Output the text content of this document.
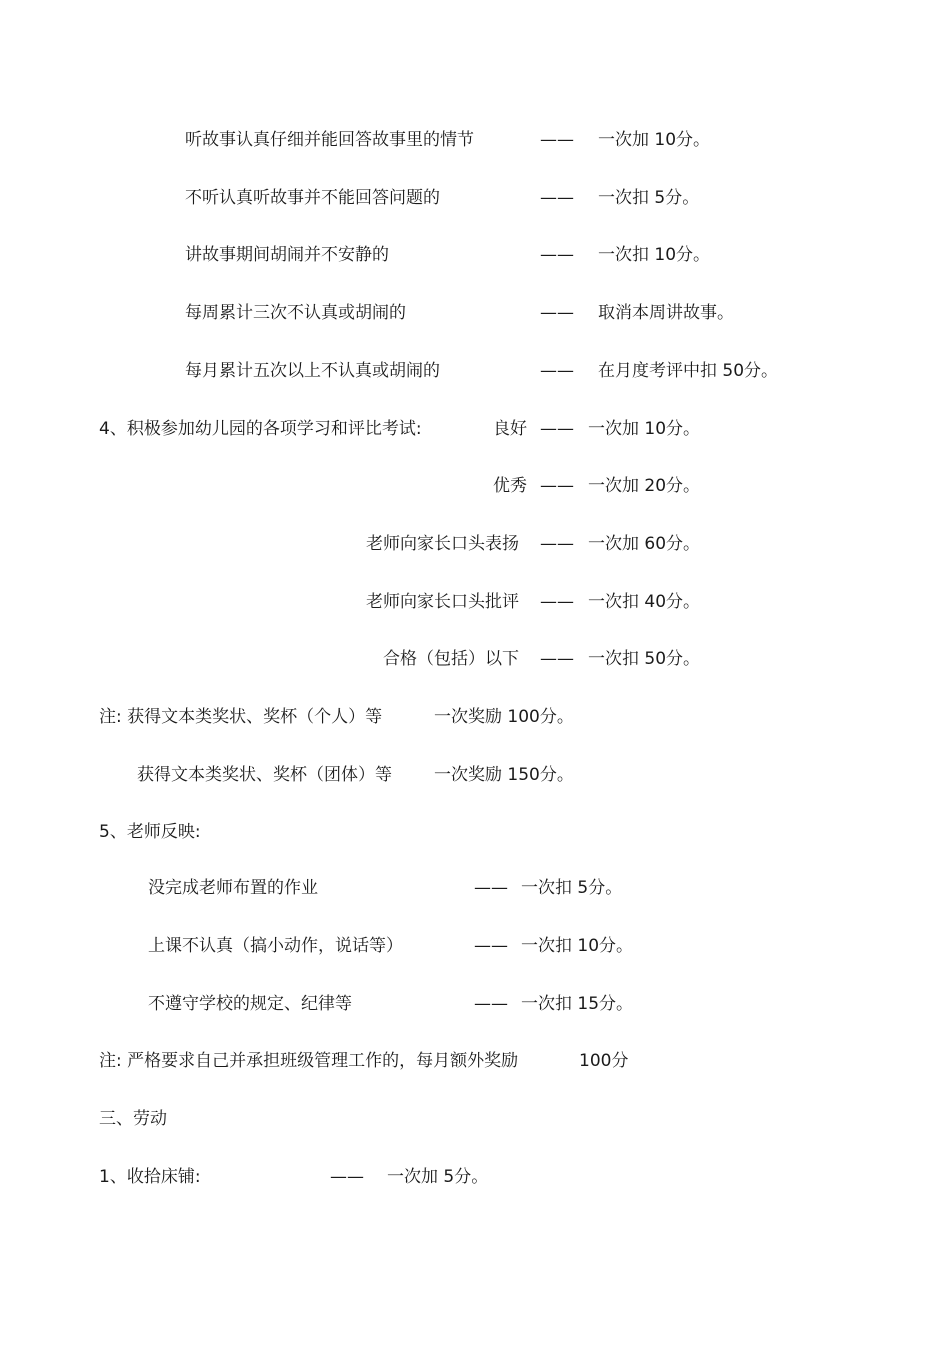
听故事认真仔细并能回答故事里的情节	—— 一次加 10分。
不听认真听故事并不能回答问题的	—— 一次扣 5分。
讲故事期间胡闹并不安静的	—— 一次扣 10分。
每周累计三次不认真或胡闹的	—— 取消本周讲故事。
每月累计五次以上不认真或胡闹的	—— 在月度考评中扣 50分。
4、积极参加幼儿园的各项学习和评比考试:	良好 —— 一次加 10分。
优秀 —— 一次加 20分。
老师向家长口头表扬 —— 一次加 60分。
老师向家长口头批评 —— 一次扣 40分。
合格（包括）以下 —— 一次扣 50分。
注: 获得文本类奖状、奖杯（个人）等	一次奖励 100分。
获得文本类奖状、奖杯（团体）等 一次奖励 150分。
5、老师反映:
没完成老师布置的作业	—— 一次扣 5分。
上课不认真（搞小动作，说话等）	—— 一次扣 10分。
不遵守学校的规定、纪律等	—— 一次扣 15分。
注: 严格要求自己并承担班级管理工作的，每月额外奖励	100分
三、劳动
1、收拾床铺:	—— 一次加 5分。
